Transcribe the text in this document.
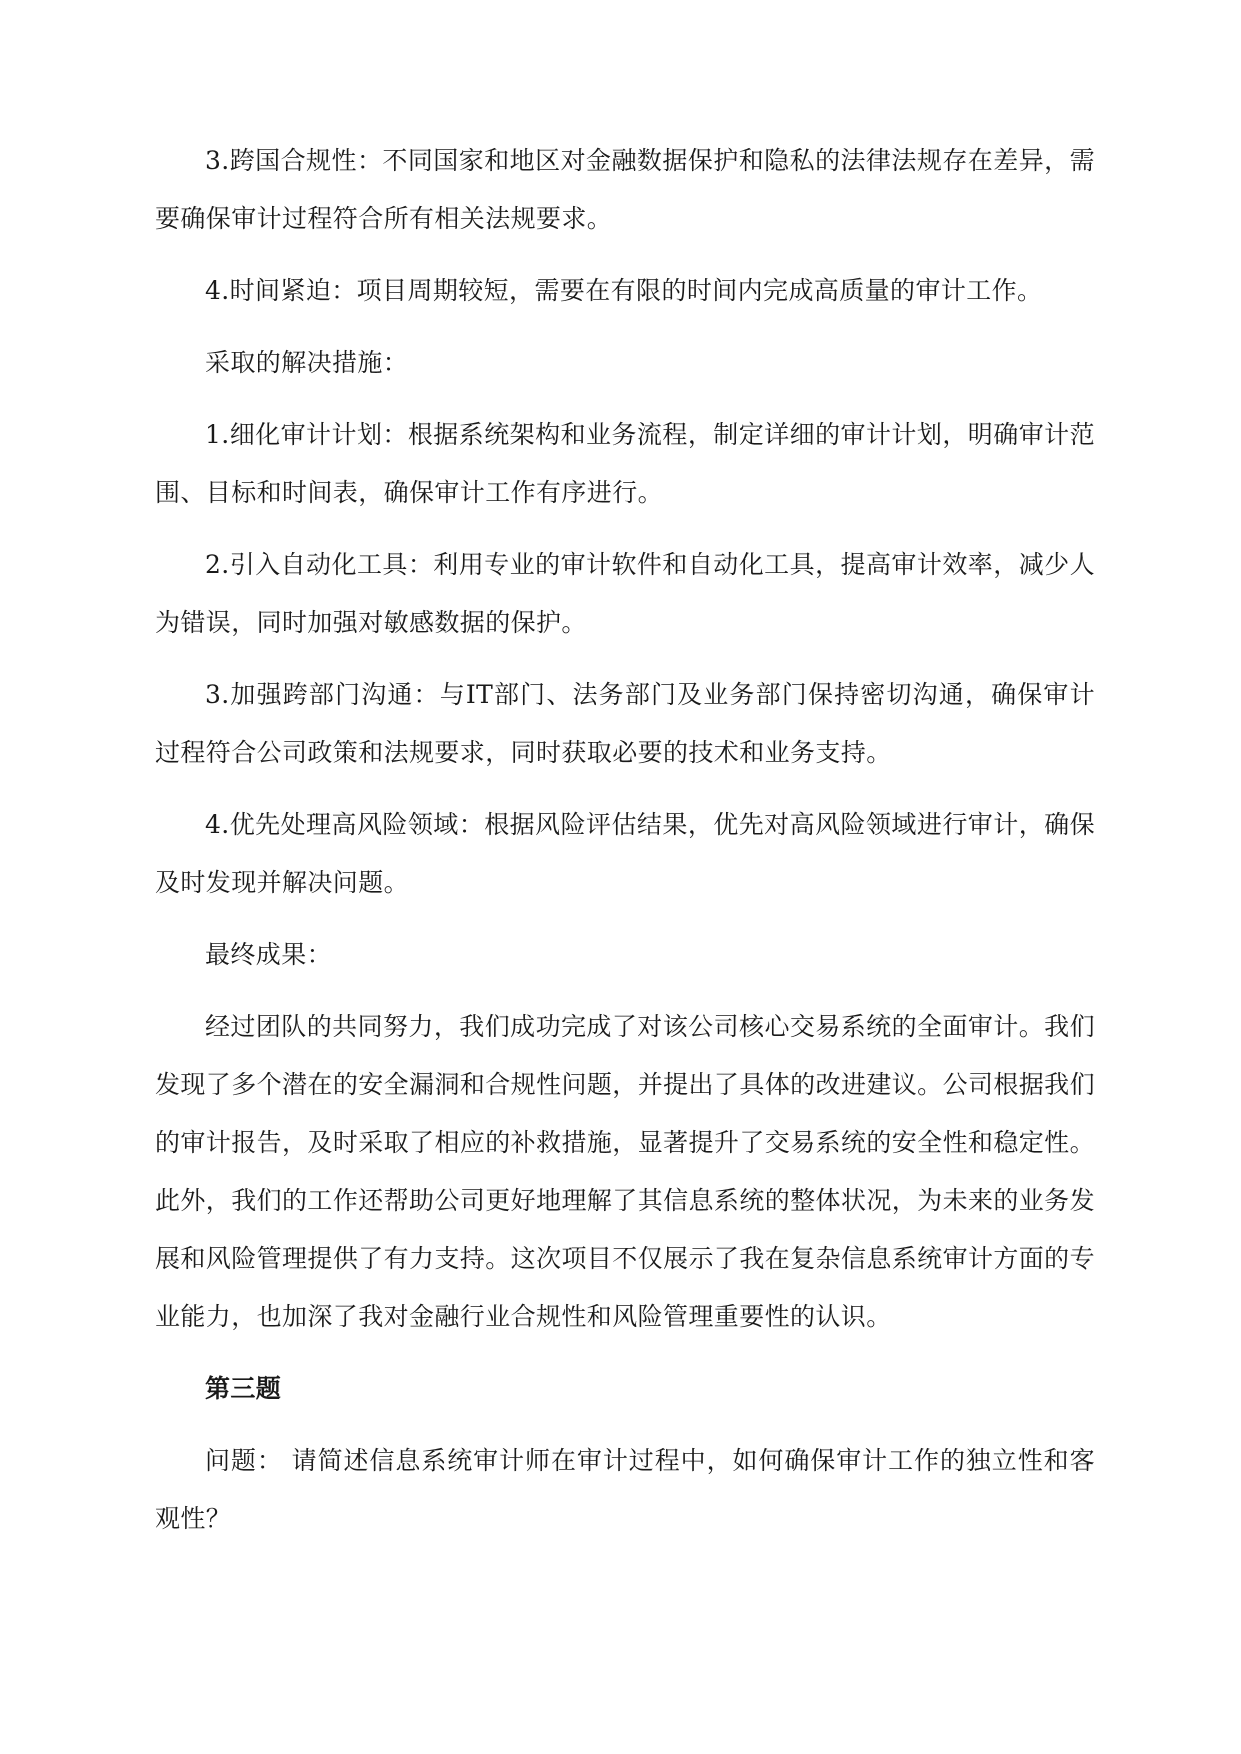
3.跨国合规性：不同国家和地区对金融数据保护和隐私的法律法规存在差异，需要确保审计过程符合所有相关法规要求。

4.时间紧迫：项目周期较短，需要在有限的时间内完成高质量的审计工作。

采取的解决措施：

1.细化审计计划：根据系统架构和业务流程，制定详细的审计计划，明确审计范围、目标和时间表，确保审计工作有序进行。

2.引入自动化工具：利用专业的审计软件和自动化工具，提高审计效率，减少人为错误，同时加强对敏感数据的保护。

3.加强跨部门沟通：与IT部门、法务部门及业务部门保持密切沟通，确保审计过程符合公司政策和法规要求，同时获取必要的技术和业务支持。

4.优先处理高风险领域：根据风险评估结果，优先对高风险领域进行审计，确保及时发现并解决问题。

最终成果：

经过团队的共同努力，我们成功完成了对该公司核心交易系统的全面审计。我们发现了多个潜在的安全漏洞和合规性问题，并提出了具体的改进建议。公司根据我们的审计报告，及时采取了相应的补救措施，显著提升了交易系统的安全性和稳定性。此外，我们的工作还帮助公司更好地理解了其信息系统的整体状况，为未来的业务发展和风险管理提供了有力支持。这次项目不仅展示了我在复杂信息系统审计方面的专业能力，也加深了我对金融行业合规性和风险管理重要性的认识。

第三题

问题： 请简述信息系统审计师在审计过程中，如何确保审计工作的独立性和客观性？
